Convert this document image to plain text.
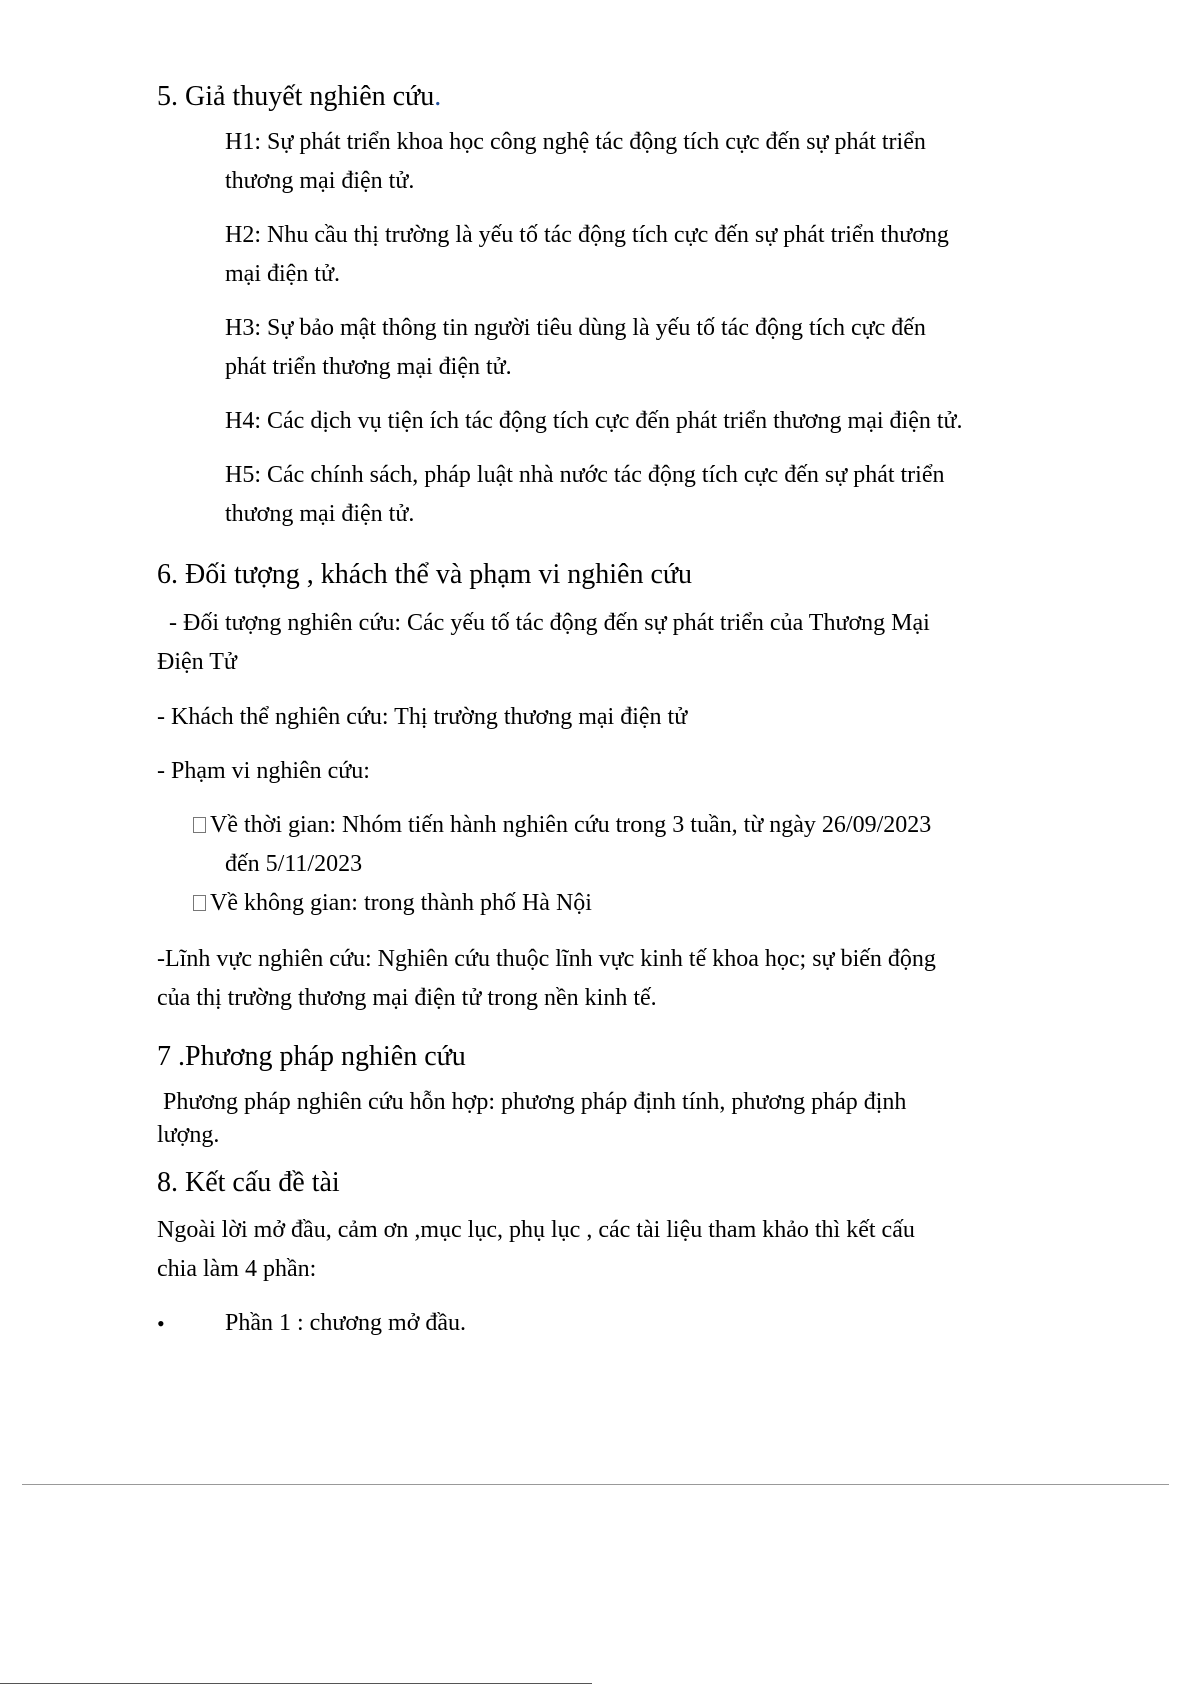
5. Giả thuyết nghiên cứu.
H1: Sự phát triển khoa học công nghệ tác động tích cực đến sự phát triển
thương mại điện tử.
H2: Nhu cầu thị trường là yếu tố tác động tích cực đến sự phát triển thương
mại điện tử.
H3: Sự bảo mật thông tin người tiêu dùng là yếu tố tác động tích cực đến
phát triển thương mại điện tử.
H4: Các dịch vụ tiện ích tác động tích cực đến phát triển thương mại điện tử.
H5: Các chính sách, pháp luật nhà nước tác động tích cực đến sự phát triển
thương mại điện tử.
6. Đối tượng , khách thể và phạm vi nghiên cứu
- Đối tượng nghiên cứu: Các yếu tố tác động đến sự phát triển của Thương Mại
Điện Tử
- Khách thể nghiên cứu: Thị trường thương mại điện tử
- Phạm vi nghiên cứu:
Về thời gian: Nhóm tiến hành nghiên cứu trong 3 tuần, từ ngày 26/09/2023
đến 5/11/2023
Về không gian: trong thành phố Hà Nội
-Lĩnh vực nghiên cứu: Nghiên cứu thuộc lĩnh vực kinh tế khoa học; sự biến động
của thị trường thương mại điện tử trong nền kinh tế.
7 .Phương pháp nghiên cứu
Phương pháp nghiên cứu hỗn hợp: phương pháp định tính, phương pháp định
lượng.
8. Kết cấu đề tài
Ngoài lời mở đầu, cảm ơn ,mục lục, phụ lục , các tài liệu tham khảo thì kết cấu
chia làm 4 phần:
•	Phần 1 : chương mở đầu.
